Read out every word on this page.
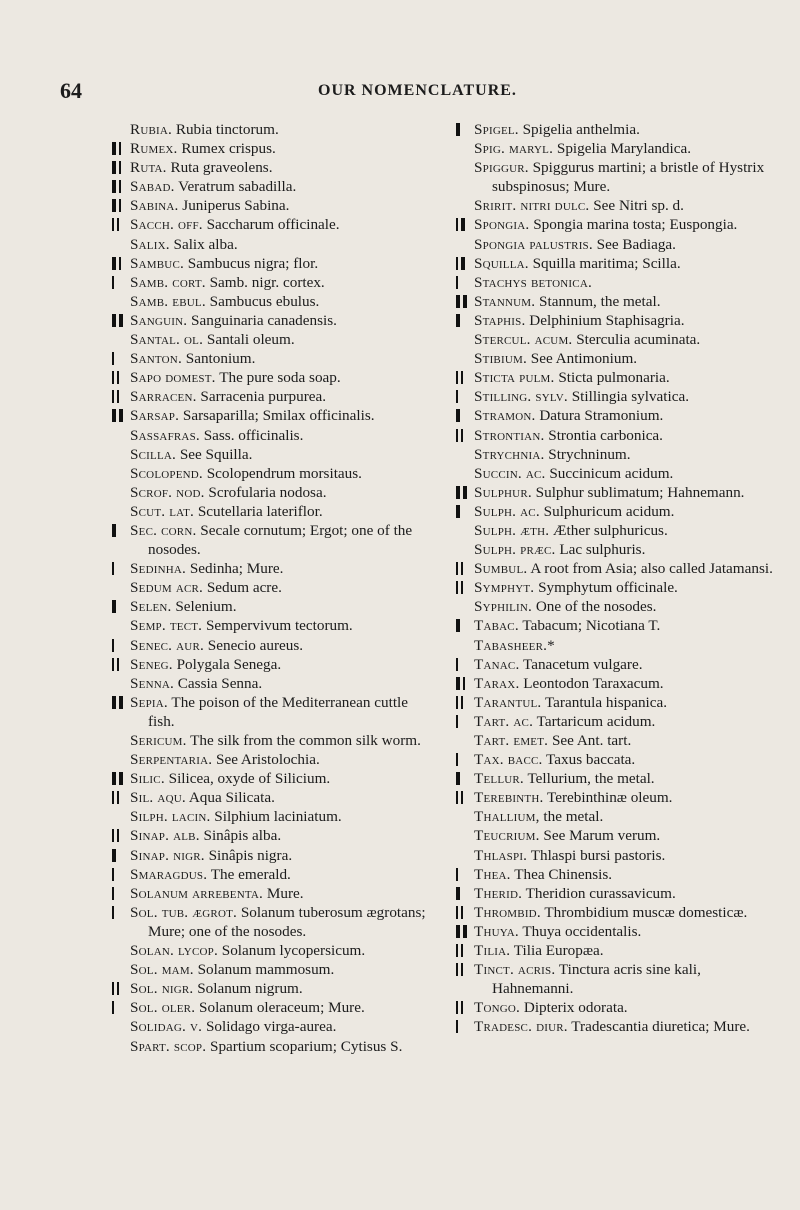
64	OUR NOMENCLATURE.
Rubia. Rubia tinctorum.
Rumex. Rumex crispus.
Ruta. Ruta graveolens.
Sabad. Veratrum sabadilla.
Sabina. Juniperus Sabina.
Sacch. off. Saccharum officinale.
Salix. Salix alba.
Sambuc. Sambucus nigra; flor.
Samb. cort. Samb. nigr. cortex.
Samb. ebul. Sambucus ebulus.
Sanguin. Sanguinaria canadensis.
Santal. ol. Santali oleum.
Santon. Santonium.
Sapo domest. The pure soda soap.
Sarracen. Sarracenia purpurea.
Sarsap. Sarsaparilla; Smilax officinalis.
Sassafras. Sass. officinalis.
Scilla. See Squilla.
Scolopend. Scolopendrum morsitaus.
Scrof. nod. Scrofularia nodosa.
Scut. lat. Scutellaria lateriflor.
Sec. corn. Secale cornutum; Ergot; one of the nosodes.
Sedinha. Sedinha; Mure.
Sedum acr. Sedum acre.
Selen. Selenium.
Semp. tect. Sempervivum tectorum.
Senec. aur. Senecio aureus.
Seneg. Polygala Senega.
Senna. Cassia Senna.
Sepia. The poison of the Mediterranean cuttle fish.
Sericum. The silk from the common silk worm.
Serpentaria. See Aristolochia.
Silic. Silicea, oxyde of Silicium.
Sil. aqu. Aqua Silicata.
Silph. lacin. Silphium laciniatum.
Sinap. alb. Sinâpis alba.
Sinap. nigr. Sinâpis nigra.
Smaragdus. The emerald.
Solanum arrebenta. Mure.
Sol. tub. ægrot. Solanum tuberosum ægrotans; Mure; one of the nosodes.
Solan. lycop. Solanum lycopersicum.
Sol. mam. Solanum mammosum.
Sol. nigr. Solanum nigrum.
Sol. oler. Solanum oleraceum; Mure.
Solidag. v. Solidago virga-aurea.
Spart. scop. Spartium scoparium; Cytisus S.
Spigel. Spigelia anthelmia.
Spig. maryl. Spigelia Marylandica.
Spiggur. Spiggurus martini; a bristle of Hystrix subspinosus; Mure.
Sririt. nitri dulc. See Nitri sp. d.
Spongia. Spongia marina tosta; Euspongia.
Spongia palustris. See Badiaga.
Squilla. Squilla maritima; Scilla.
Stachys betonica.
Stannum. Stannum, the metal.
Staphis. Delphinium Staphisagria.
Stercul. acum. Sterculia acuminata.
Stibium. See Antimonium.
Sticta pulm. Sticta pulmonaria.
Stilling. sylv. Stillingia sylvatica.
Stramon. Datura Stramonium.
Strontian. Strontia carbonica.
Strychnia. Strychninum.
Succin. ac. Succinicum acidum.
Sulphur. Sulphur sublimatum; Hahnemann.
Sulph. ac. Sulphuricum acidum.
Sulph. æth. Æther sulphuricus.
Sulph. præc. Lac sulphuris.
Sumbul. A root from Asia; also called Jatamansi.
Symphyt. Symphytum officinale.
Syphilin. One of the nosodes.
Tabac. Tabacum; Nicotiana T.
Tabasheer.*
Tanac. Tanacetum vulgare.
Tarax. Leontodon Taraxacum.
Tarantul. Tarantula hispanica.
Tart. ac. Tartaricum acidum.
Tart. emet. See Ant. tart.
Tax. bacc. Taxus baccata.
Tellur. Tellurium, the metal.
Terebinth. Terebinthinæ oleum.
Thallium, the metal.
Teucrium. See Marum verum.
Thlaspi. Thlaspi bursi pastoris.
Thea. Thea Chinensis.
Therid. Theridion curassavicum.
Thrombid. Thrombidium muscæ domesticæ.
Thuya. Thuya occidentalis.
Tilia. Tilia Europæa.
Tinct. acris. Tinctura acris sine kali, Hahnemanni.
Tongo. Dipterix odorata.
Tradesc. diur. Tradescantia diuretica; Mure.
